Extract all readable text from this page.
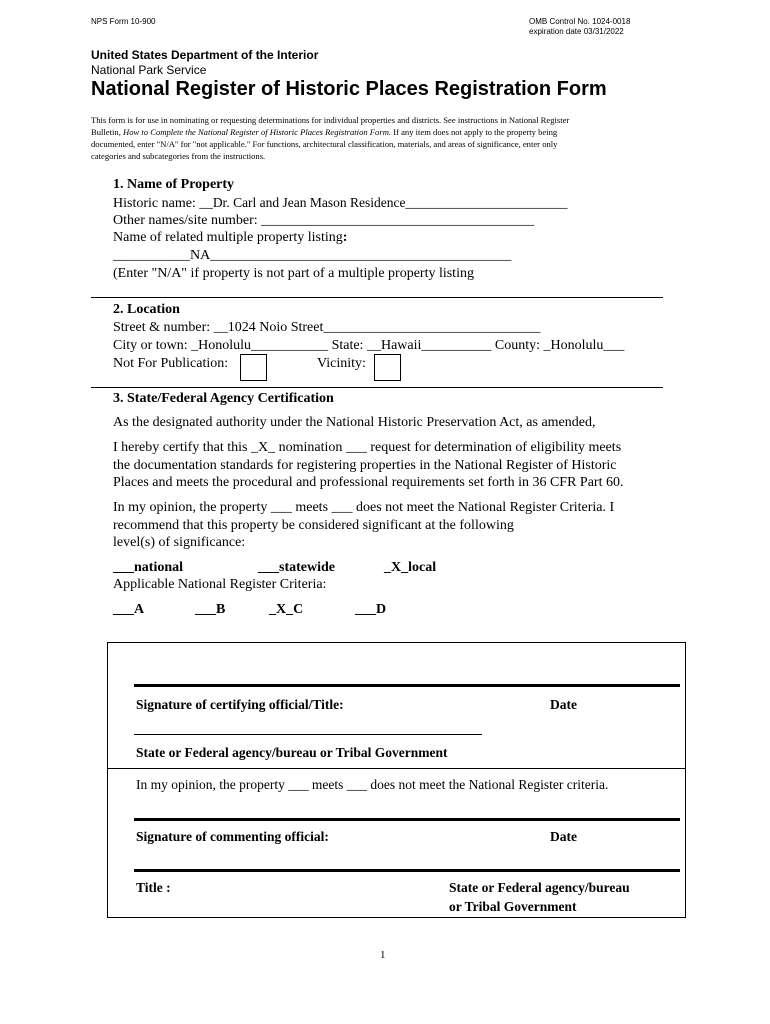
NPS Form 10-900	OMB Control No. 1024-0018
expiration date 03/31/2022
United States Department of the Interior
National Park Service
National Register of Historic Places Registration Form
This form is for use in nominating or requesting determinations for individual properties and districts. See instructions in National Register
Bulletin, How to Complete the National Register of Historic Places Registration Form. If any item does not apply to the property being
documented, enter "N/A" for "not applicable." For functions, architectural classification, materials, and areas of significance, enter only
categories and subcategories from the instructions.
1. Name of Property
Historic name: __Dr. Carl and Jean Mason Residence________________________
Other names/site number: _______________________________________
Name of related multiple property listing:
___________NA___________________________________________
(Enter "N/A" if property is not part of a multiple property listing
2. Location
Street & number: __1024 Noio Street_______________________________
City or town: _Honolulu___________ State: __Hawaii__________ County: _Honolulu___
Not For Publication:	Vicinity:
3. State/Federal Agency Certification
As the designated authority under the National Historic Preservation Act, as amended,
I hereby certify that this _X_ nomination ___ request for determination of eligibility meets
the documentation standards for registering properties in the National Register of Historic
Places and meets the procedural and professional requirements set forth in 36 CFR Part 60.
In my opinion, the property ___ meets ___ does not meet the National Register Criteria. I
recommend that this property be considered significant at the following
level(s) of significance:
___national	___statewide	_X_local
Applicable National Register Criteria:
___A	___B	_X_C	___D
Signature of certifying official/Title:	Date
State or Federal agency/bureau or Tribal Government
In my opinion, the property ___ meets ___ does not meet the National Register criteria.
Signature of commenting official:	Date
Title :	State or Federal agency/bureau
or Tribal Government
1
